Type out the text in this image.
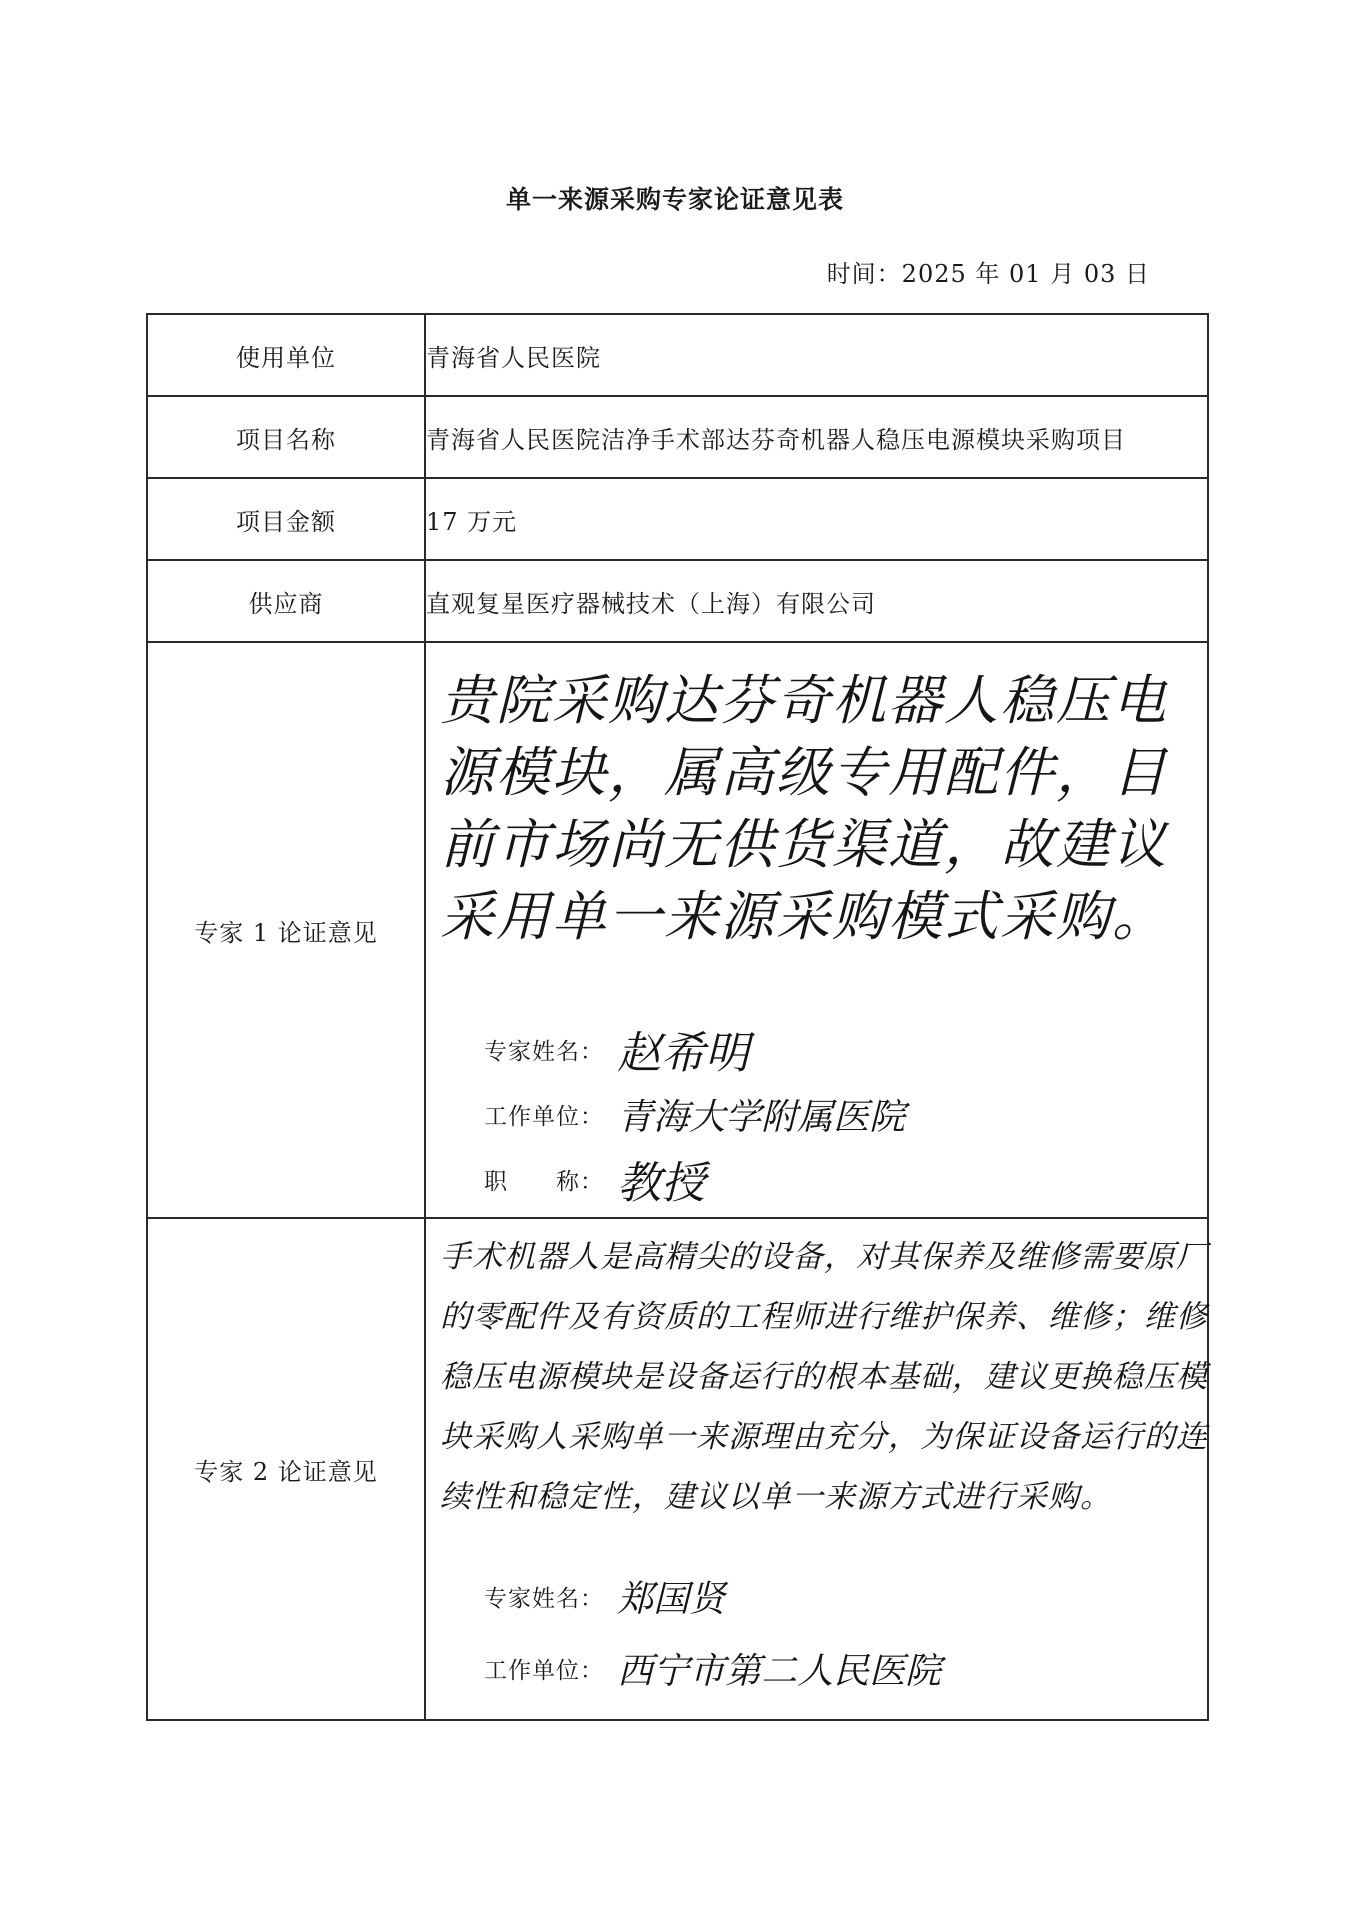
单一来源采购专家论证意见表
时间：2025 年 01 月 03 日
使用单位	青海省人民医院
项目名称	青海省人民医院洁净手术部达芬奇机器人稳压电源模块采购项目
项目金额	17 万元
供应商	直观复星医疗器械技术（上海）有限公司
专家 1 论证意见	贵院采购达芬奇机器人稳压电源模块，属高级专用配件，目前市场尚无供货渠道，故建议采用单一来源采购模式采购。
专家姓名： 赵希明
工作单位： 青海大学附属医院
职　　称： 教授

专家 2 论证意见	手术机器人是高精尖的设备，对其保养及维修需要原厂的零配件及有资质的工程师进行维护保养、维修；维修稳压电源模块是设备运行的根本基础，建议更换稳压模块采购人采购单一来源理由充分，为保证设备运行的连续性和稳定性，建议以单一来源方式进行采购。
专家姓名： 郑国贤
工作单位： 西宁市第二人民医院
